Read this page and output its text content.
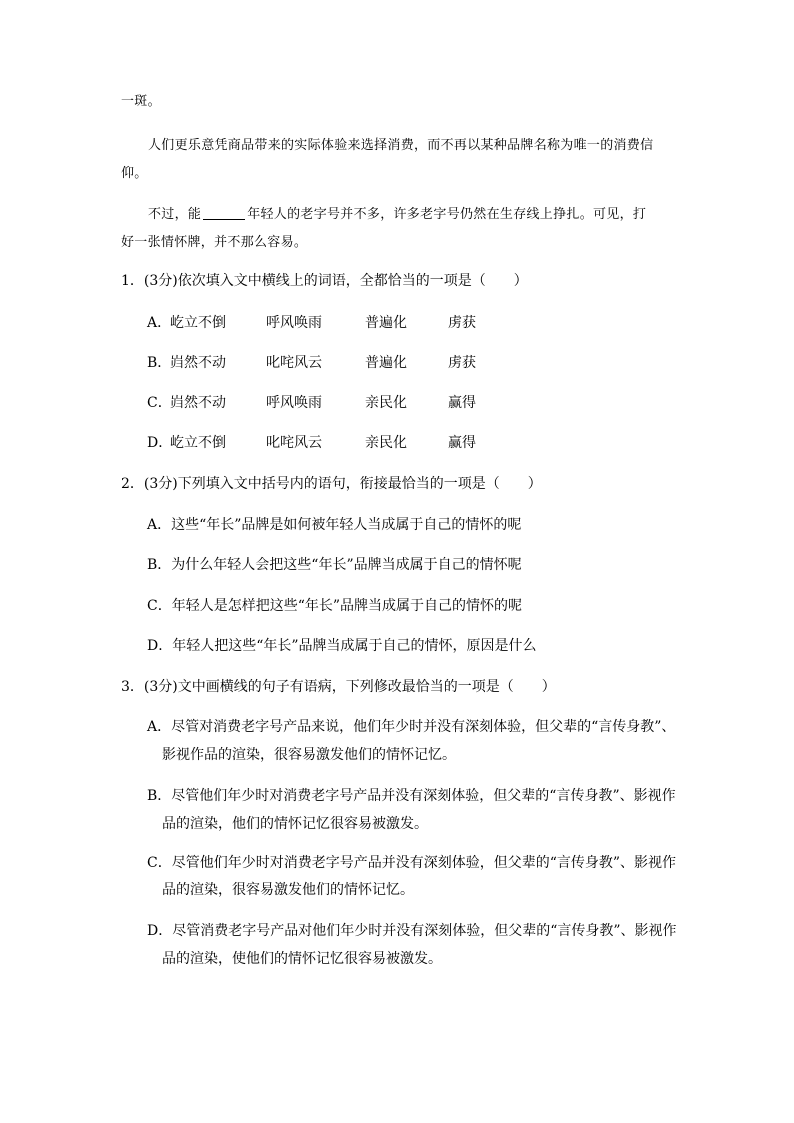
一斑。
人们更乐意凭商品带来的实际体验来选择消费，而不再以某种品牌名称为唯一的消费信
仰。
不过，能	年轻人的老字号并不多，许多老字号仍然在生存线上挣扎。可见，打
好一张情怀牌，并不那么容易。
1．(3分)依次填入文中横线上的词语，全都恰当的一项是（　　）
A．
屹立不倒	呼风唤雨	普遍化	虏获
B．
岿然不动	叱咤风云	普遍化	虏获
C．
岿然不动	呼风唤雨	亲民化	赢得
D．
屹立不倒	叱咤风云	亲民化	赢得
2．(3分)下列填入文中括号内的语句，衔接最恰当的一项是（　　）
A．这些“年长”品牌是如何被年轻人当成属于自己的情怀的呢
B．为什么年轻人会把这些“年长”品牌当成属于自己的情怀呢
C．年轻人是怎样把这些“年长”品牌当成属于自己的情怀的呢
D．年轻人把这些“年长”品牌当成属于自己的情怀，原因是什么
3．(3分)文中画横线的句子有语病，下列修改最恰当的一项是（　　）
A．尽管对消费老字号产品来说，他们年少时并没有深刻体验，但父辈的“言传身教”、
影视作品的渲染，很容易激发他们的情怀记忆。
B．尽管他们年少时对消费老字号产品并没有深刻体验，但父辈的“言传身教”、影视作
品的渲染，他们的情怀记忆很容易被激发。
C．尽管他们年少时对消费老字号产品并没有深刻体验，但父辈的“言传身教”、影视作
品的渲染，很容易激发他们的情怀记忆。
D．尽管消费老字号产品对他们年少时并没有深刻体验，但父辈的“言传身教”、影视作
品的渲染，使他们的情怀记忆很容易被激发。
